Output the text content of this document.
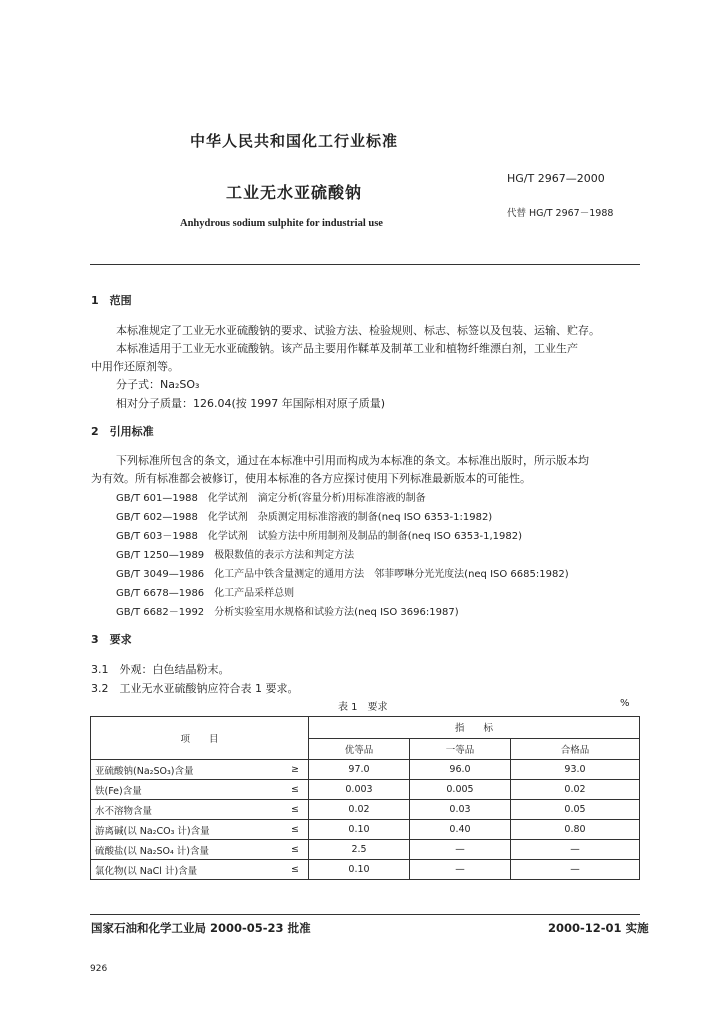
中华人民共和国化工行业标准
工业无水亚硫酸钠
HG/T 2967—2000
代替 HG/T 2967－1988
Anhydrous sodium sulphite for industrial use
1　范围
本标准规定了工业无水亚硫酸钠的要求、试验方法、检验规则、标志、标签以及包装、运输、贮存。
本标准适用于工业无水亚硫酸钠。该产品主要用作鞣革及制革工业和植物纤维漂白剂，工业生产
中用作还原剂等。
分子式：Na₂SO₃
相对分子质量：126.04(按 1997 年国际相对原子质量)
2　引用标准
下列标准所包含的条文，通过在本标准中引用而构成为本标准的条文。本标准出版时，所示版本均
为有效。所有标准都会被修订，使用本标准的各方应探讨使用下列标准最新版本的可能性。
GB/T 601—1988　化学试剂　滴定分析(容量分析)用标准溶液的制备
GB/T 602—1988　化学试剂　杂质测定用标准溶液的制备(neq ISO 6353-1:1982)
GB/T 603－1988　化学试剂　试验方法中所用制剂及制品的制备(neq ISO 6353-1,1982)
GB/T 1250—1989　极限数值的表示方法和判定方法
GB/T 3049—1986　化工产品中铁含量测定的通用方法　邻菲啰啉分光光度法(neq ISO 6685:1982)
GB/T 6678—1986　化工产品采样总则
GB/T 6682－1992　分析实验室用水规格和试验方法(neq ISO 3696:1987)
3　要求
3.1　外观：白色结晶粉末。
3.2　工业无水亚硫酸钠应符合表 1 要求。
表 1　要求	%
项　　目		指　　标		
		优等品	一等品	合格品
亚硫酸钠(Na₂SO₃)含量	≥	97.0	96.0	93.0
铁(Fe)含量	≤	0.003	0.005	0.02
水不溶物含量	≤	0.02	0.03	0.05
游离碱(以 Na₂CO₃ 计)含量	≤	0.10	0.40	0.80
硫酸盐(以 Na₂SO₄ 计)含量	≤	2.5	—	—
氯化物(以 NaCl 计)含量	≤	0.10	—	—
国家石油和化学工业局 2000-05-23 批准	2000-12-01 实施
926
